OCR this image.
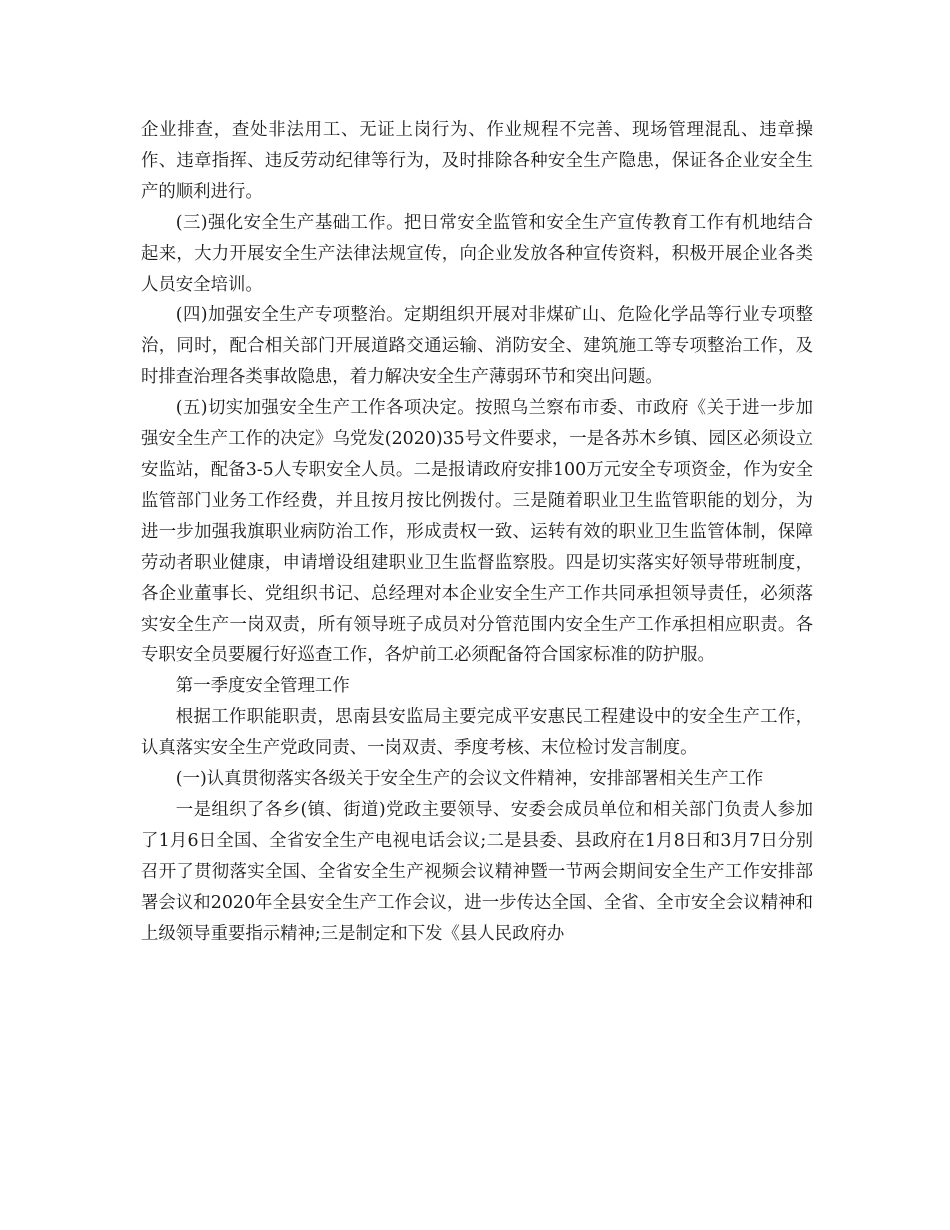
企业排查，查处非法用工、无证上岗行为、作业规程不完善、现场管理混乱、违章操作、违章指挥、违反劳动纪律等行为，及时排除各种安全生产隐患，保证各企业安全生产的顺利进行。

(三)强化安全生产基础工作。把日常安全监管和安全生产宣传教育工作有机地结合起来，大力开展安全生产法律法规宣传，向企业发放各种宣传资料，积极开展企业各类人员安全培训。

(四)加强安全生产专项整治。定期组织开展对非煤矿山、危险化学品等行业专项整治，同时，配合相关部门开展道路交通运输、消防安全、建筑施工等专项整治工作，及时排查治理各类事故隐患，着力解决安全生产薄弱环节和突出问题。

(五)切实加强安全生产工作各项决定。按照乌兰察布市委、市政府《关于进一步加强安全生产工作的决定》乌党发(2020)35号文件要求，一是各苏木乡镇、园区必须设立安监站，配备3-5人专职安全人员。二是报请政府安排100万元安全专项资金，作为安全监管部门业务工作经费，并且按月按比例拨付。三是随着职业卫生监管职能的划分，为进一步加强我旗职业病防治工作，形成责权一致、运转有效的职业卫生监管体制，保障劳动者职业健康，申请增设组建职业卫生监督监察股。四是切实落实好领导带班制度，各企业董事长、党组织书记、总经理对本企业安全生产工作共同承担领导责任，必须落实安全生产一岗双责，所有领导班子成员对分管范围内安全生产工作承担相应职责。各专职安全员要履行好巡查工作，各炉前工必须配备符合国家标准的防护服。

第一季度安全管理工作

根据工作职能职责，思南县安监局主要完成平安惠民工程建设中的安全生产工作，认真落实安全生产党政同责、一岗双责、季度考核、末位检讨发言制度。

(一)认真贯彻落实各级关于安全生产的会议文件精神，安排部署相关生产工作

一是组织了各乡(镇、街道)党政主要领导、安委会成员单位和相关部门负责人参加了1月6日全国、全省安全生产电视电话会议;二是县委、县政府在1月8日和3月7日分别召开了贯彻落实全国、全省安全生产视频会议精神暨一节两会期间安全生产工作安排部署会议和2020年全县安全生产工作会议，进一步传达全国、全省、全市安全会议精神和上级领导重要指示精神;三是制定和下发《县人民政府办
